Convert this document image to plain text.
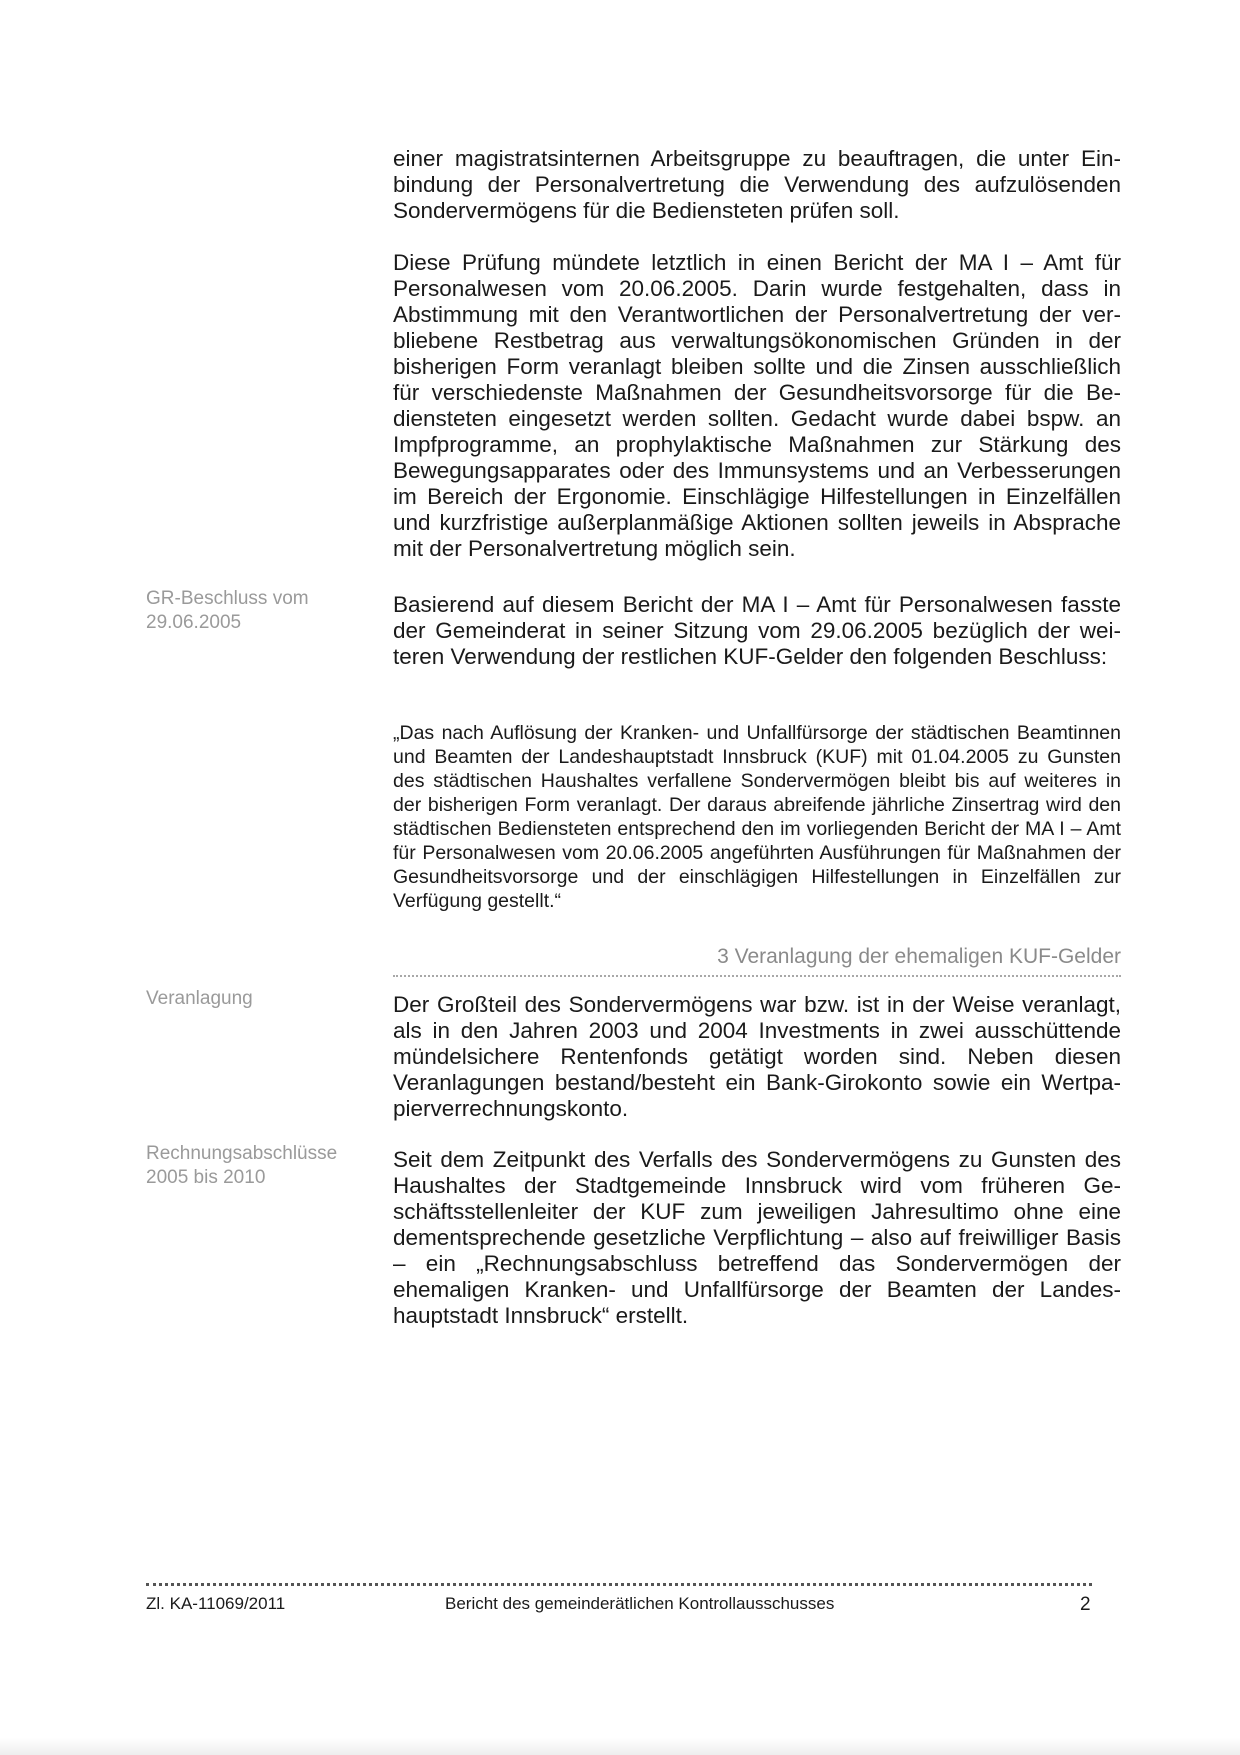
einer magistratsinternen Arbeitsgruppe zu beauftragen, die unter Einbindung der Personalvertretung die Verwendung des aufzulösenden Sondervermögens für die Bediensteten prüfen soll.

Diese Prüfung mündete letztlich in einen Bericht der MA I – Amt für Personalwesen vom 20.06.2005. Darin wurde festgehalten, dass in Abstimmung mit den Verantwortlichen der Personalvertretung der verbliebene Restbetrag aus verwaltungsökonomischen Gründen in der bisherigen Form veranlagt bleiben sollte und die Zinsen ausschließlich für verschiedenste Maßnahmen der Gesundheitsvorsorge für die Bediensteten eingesetzt werden sollten. Gedacht wurde dabei bspw. an Impfprogramme, an prophylaktische Maßnahmen zur Stärkung des Bewegungsapparates oder des Immunsystems und an Verbesserungen im Bereich der Ergonomie. Einschlägige Hilfestellungen in Einzelfällen und kurzfristige außerplanmäßige Aktionen sollten jeweils in Absprache mit der Personalvertretung möglich sein.

GR-Beschluss vom
29.06.2005

Basierend auf diesem Bericht der MA I – Amt für Personalwesen fasste der Gemeinderat in seiner Sitzung vom 29.06.2005 bezüglich der weiteren Verwendung der restlichen KUF-Gelder den folgenden Beschluss:

„Das nach Auflösung der Kranken- und Unfallfürsorge der städtischen Beamtinnen und Beamten der Landeshauptstadt Innsbruck (KUF) mit 01.04.2005 zu Gunsten des städtischen Haushaltes verfallene Sondervermögen bleibt bis auf weiteres in der bisherigen Form veranlagt. Der daraus abreifende jährliche Zinsertrag wird den städtischen Bediensteten entsprechend den im vorliegenden Bericht der MA I – Amt für Personalwesen vom 20.06.2005 angeführten Ausführungen für Maßnahmen der Gesundheitsvorsorge und der einschlägigen Hilfestellungen in Einzelfällen zur Verfügung gestellt.“

3 Veranlagung der ehemaligen KUF-Gelder
Veranlagung	Der Großteil des Sondervermögens war bzw. ist in der Weise veranlagt, als in den Jahren 2003 und 2004 Investments in zwei ausschüttende mündelsichere Rentenfonds getätigt worden sind. Neben diesen Veranlagungen bestand/besteht ein Bank-Girokonto sowie ein Wertpapierverrechnungskonto.

Rechnungsabschlüsse
2005 bis 2010

Seit dem Zeitpunkt des Verfalls des Sondervermögens zu Gunsten des Haushaltes der Stadtgemeinde Innsbruck wird vom früheren Geschäftsstellenleiter der KUF zum jeweiligen Jahresultimo ohne eine dementsprechende gesetzliche Verpflichtung – also auf freiwilliger Basis – ein „Rechnungsabschluss betreffend das Sondervermögen der ehemaligen Kranken- und Unfallfürsorge der Beamten der Landeshauptstadt Innsbruck“ erstellt.

Zl. KA-11069/2011	Bericht des gemeinderätlichen Kontrollausschusses	2
